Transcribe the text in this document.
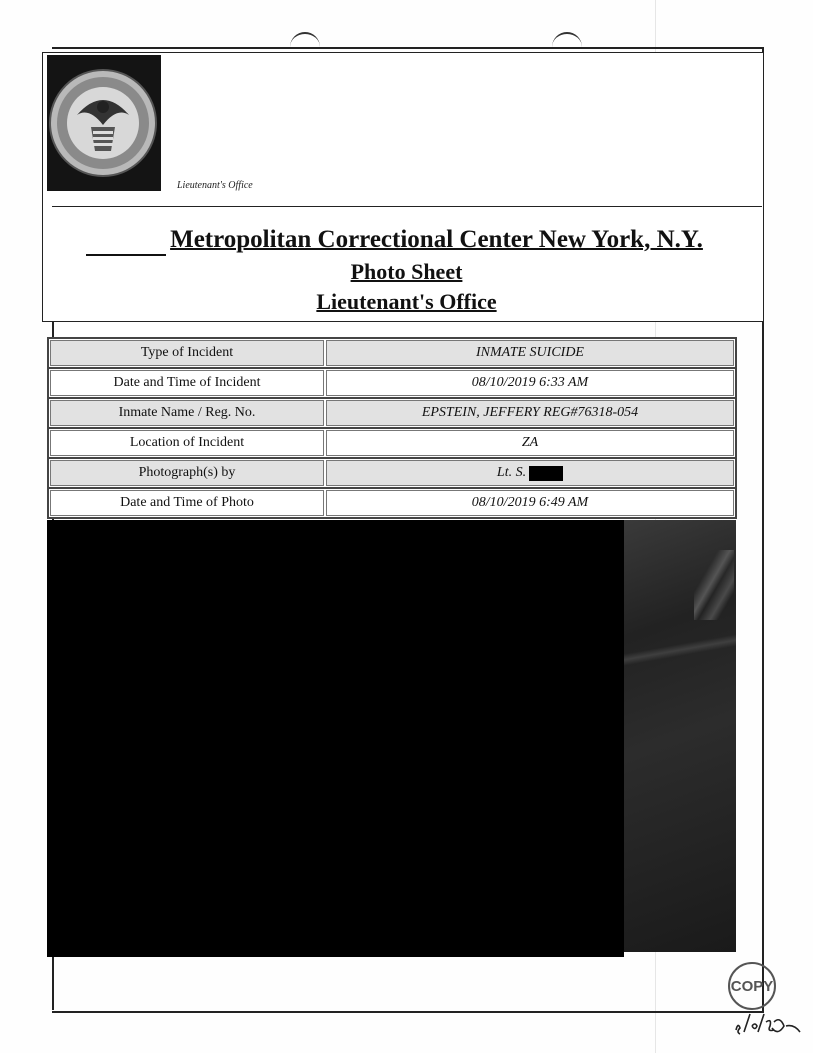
Lieutenant's Office
Metropolitan Correctional Center New York, N.Y.
Photo Sheet
Lieutenant's Office
Type of Incident	INMATE SUICIDE
Date and Time of Incident	08/10/2019 6:33 AM
Inmate Name / Reg. No.	EPSTEIN, JEFFERY REG#76318-054
Location of Incident	ZA
Photograph(s) by	Lt. S.
Date and Time of Photo	08/10/2019 6:49 AM
COPY
